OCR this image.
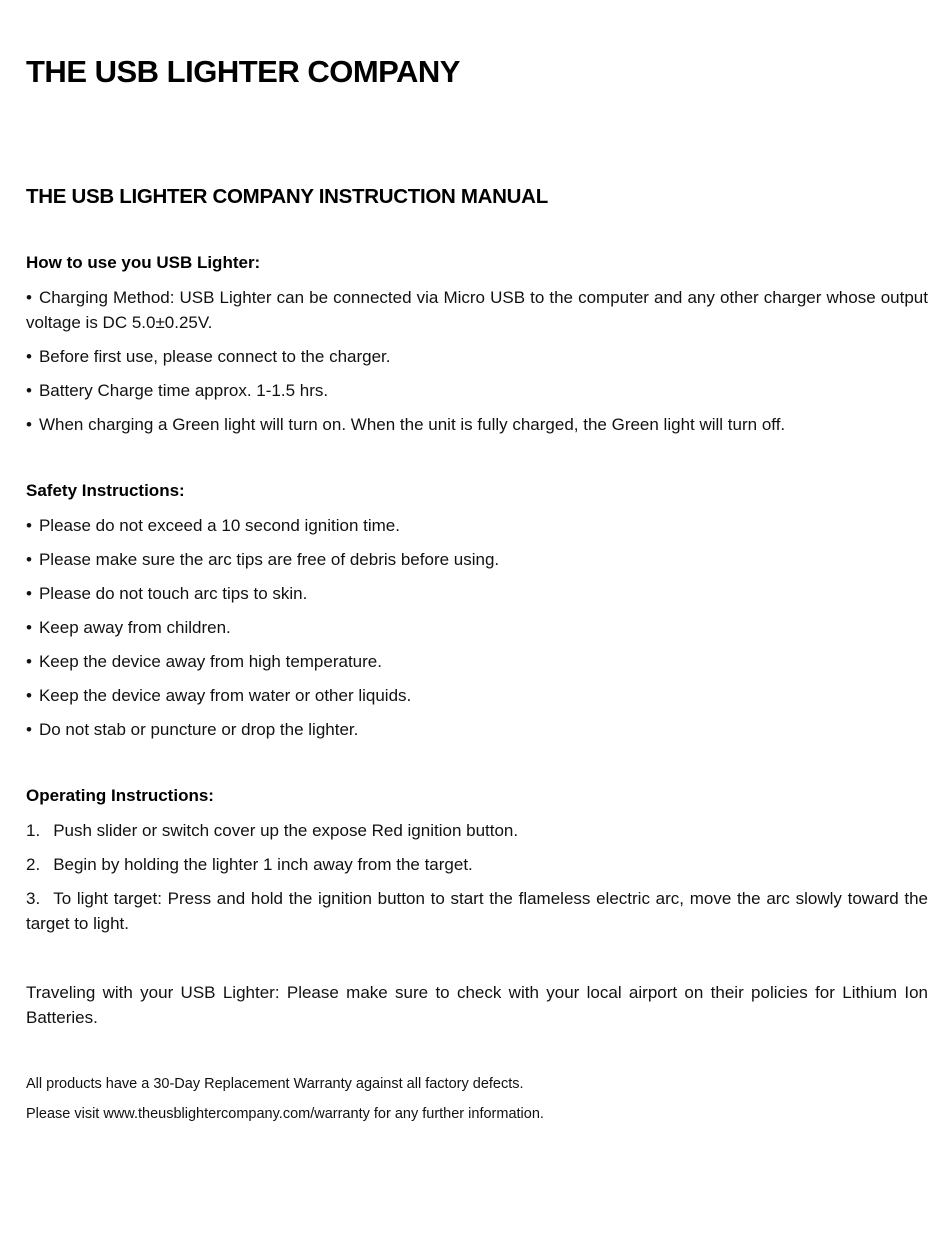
THE USB LIGHTER COMPANY
THE USB LIGHTER COMPANY INSTRUCTION MANUAL
How to use you USB Lighter:

• Charging Method: USB Lighter can be connected via Micro USB to the computer and any other charger whose output voltage is DC 5.0±0.25V.

• Before first use, please connect to the charger.

• Battery Charge time approx. 1-1.5 hrs.

• When charging a Green light will turn on. When the unit is fully charged, the Green light will turn off.

Safety Instructions:

• Please do not exceed a 10 second ignition time.

• Please make sure the arc tips are free of debris before using.

• Please do not touch arc tips to skin.

• Keep away from children.

• Keep the device away from high temperature.

• Keep the device away from water or other liquids.

• Do not stab or puncture or drop the lighter.

Operating Instructions:

1. Push slider or switch cover up the expose Red ignition button.

2. Begin by holding the lighter 1 inch away from the target.

3. To light target: Press and hold the ignition button to start the flameless electric arc, move the arc slowly toward the target to light.

Traveling with your USB Lighter: Please make sure to check with your local airport on their policies for Lithium Ion Batteries.

All products have a 30-Day Replacement Warranty against all factory defects.

Please visit www.theusblightercompany.com/warranty for any further information.
